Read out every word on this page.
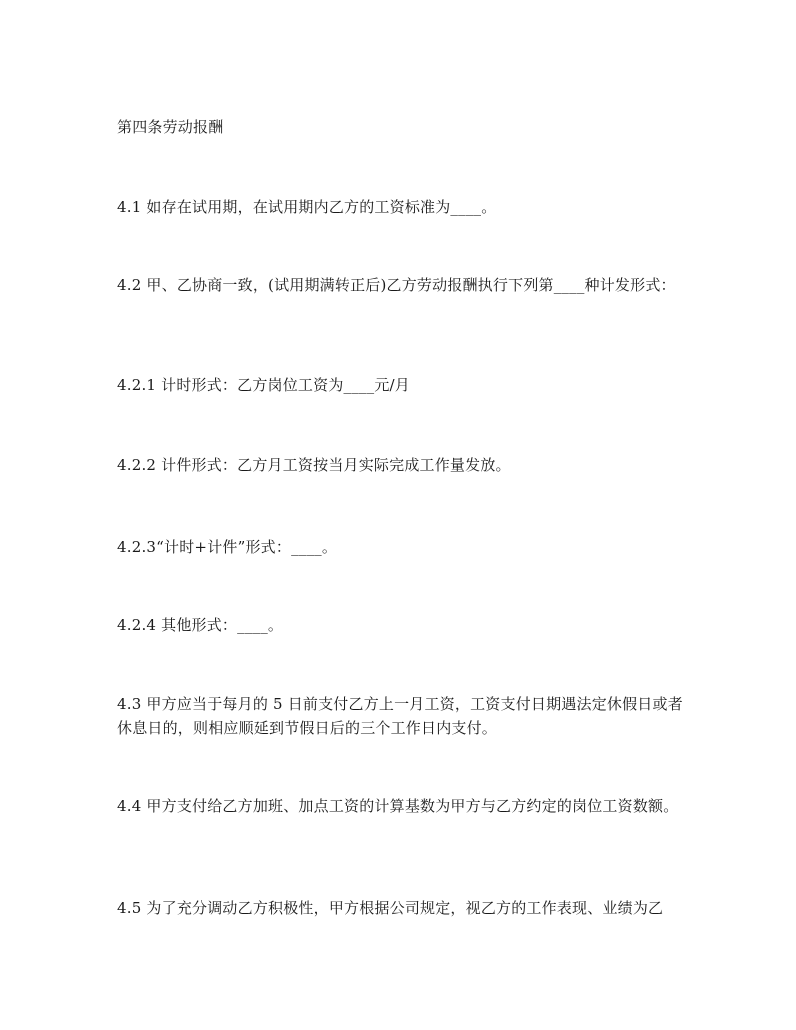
第四条劳动报酬

4.1 如存在试用期，在试用期内乙方的工资标准为____。

4.2 甲、乙协商一致，(试用期满转正后)乙方劳动报酬执行下列第____种计发形式：

4.2.1 计时形式：乙方岗位工资为____元/月

4.2.2 计件形式：乙方月工资按当月实际完成工作量发放。

4.2.3“计时+计件”形式：____。

4.2.4 其他形式：____。

4.3 甲方应当于每月的 5 日前支付乙方上一月工资，工资支付日期遇法定休假日或者休息日的，则相应顺延到节假日后的三个工作日内支付。

4.4 甲方支付给乙方加班、加点工资的计算基数为甲方与乙方约定的岗位工资数额。

4.5 为了充分调动乙方积极性，甲方根据公司规定，视乙方的工作表现、业绩为乙
